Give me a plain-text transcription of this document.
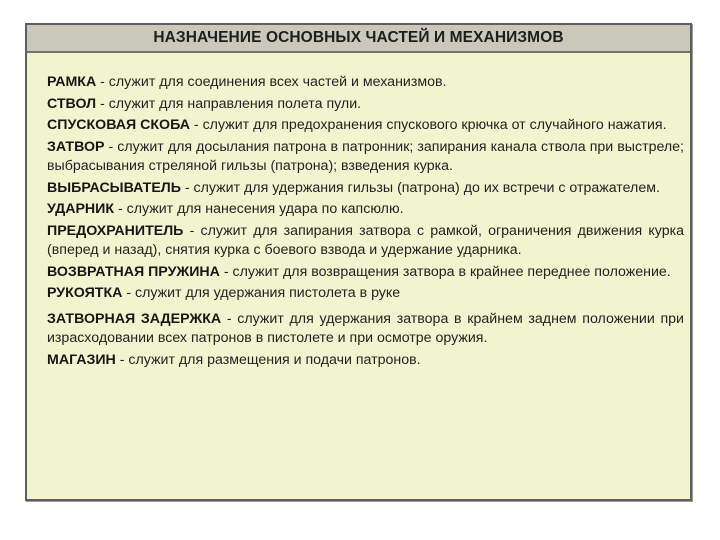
НАЗНАЧЕНИЕ ОСНОВНЫХ ЧАСТЕЙ И МЕХАНИЗМОВ

РАМКА - служит для соединения всех частей и механизмов.

СТВОЛ - служит для направления полета пули.

СПУСКОВАЯ СКОБА - служит для предохранения спускового крючка от случайного нажатия.

ЗАТВОР - служит для досылания патрона в патронник; запирания канала ствола при выстреле; выбрасывания стреляной гильзы (патрона); взведения курка.

ВЫБРАСЫВАТЕЛЬ - служит для удержания гильзы (патрона) до их встречи с отражателем.

УДАРНИК - служит для нанесения удара по капсюлю.

ПРЕДОХРАНИТЕЛЬ - служит для запирания затвора с рамкой, ограничения движения курка (вперед и назад), снятия курка с боевого взвода и удержание ударника.

ВОЗВРАТНАЯ ПРУЖИНА - служит для возвращения затвора в крайнее переднее положение.

РУКОЯТКА - служит для удержания пистолета в руке

ЗАТВОРНАЯ ЗАДЕРЖКА - служит для удержания затвора в крайнем заднем положении при израсходовании всех патронов в пистолете и при осмотре оружия.

МАГАЗИН - служит для размещения и подачи патронов.
